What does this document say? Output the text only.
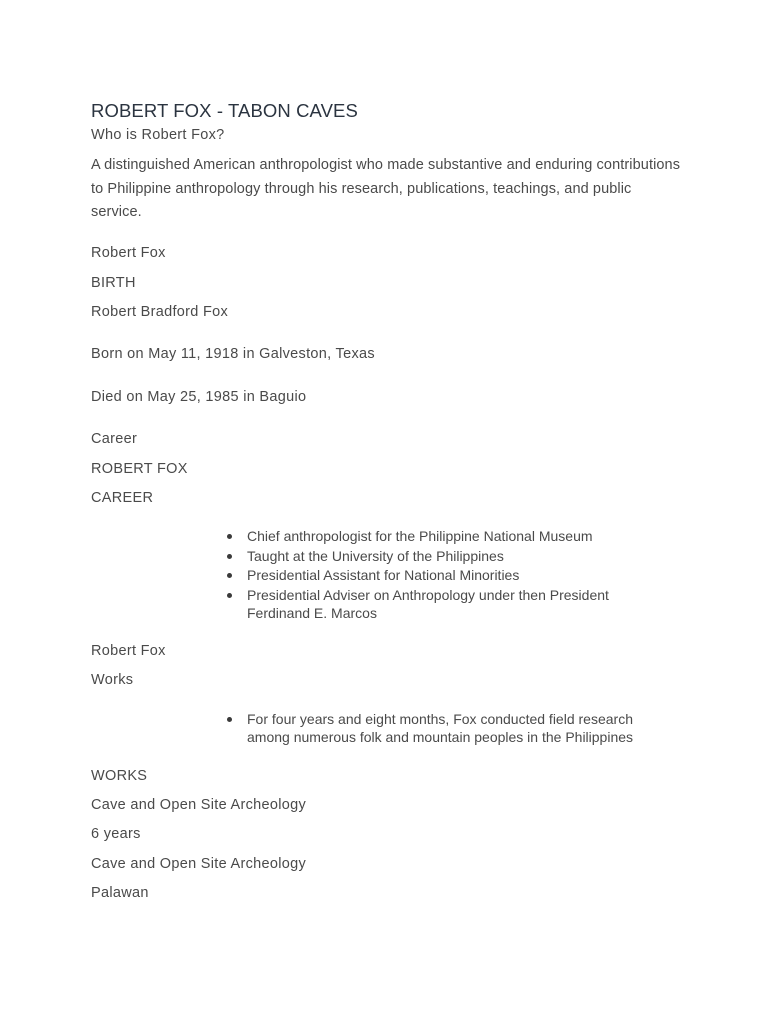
ROBERT FOX - TABON CAVES
Who is Robert Fox?
A distinguished American anthropologist who made substantive and enduring contributions to Philippine anthropology through his research, publications, teachings, and public service.
Robert Fox
BIRTH
Robert Bradford Fox
Born on May 11, 1918 in Galveston, Texas
Died on May 25, 1985 in Baguio
Career
ROBERT FOX
CAREER
Chief anthropologist for the Philippine National Museum
Taught at the University of the Philippines
Presidential Assistant for National Minorities
Presidential Adviser on Anthropology under then President Ferdinand E. Marcos
Robert Fox
Works
For four years and eight months, Fox conducted field research among numerous folk and mountain peoples in the Philippines
WORKS
Cave and Open Site Archeology
6 years
Cave and Open Site Archeology
Palawan
